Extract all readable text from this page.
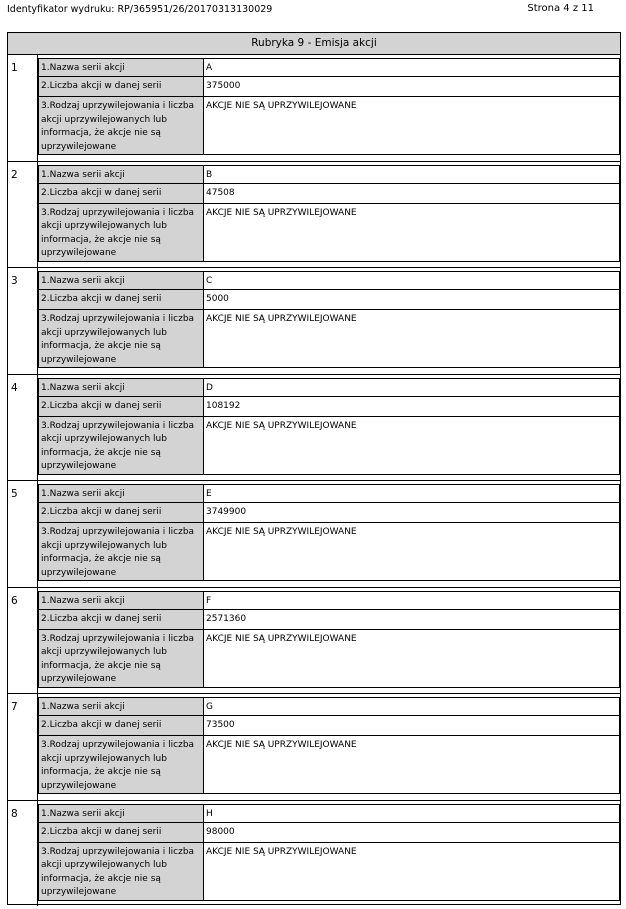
Identyfikator wydruku: RP/365951/26/20170313130029	Strona 4 z 11
Rubryka 9 - Emisja akcji
1	1.Nazwa serii akcji	A
2.Liczba akcji w danej serii	375000
3.Rodzaj uprzywilejowania i liczba akcji uprzywilejowanych lub informacja, że akcje nie są uprzywilejowane
AKCJE NIE SĄ UPRZYWILEJOWANE
2	1.Nazwa serii akcji	B
2.Liczba akcji w danej serii	47508
3.Rodzaj uprzywilejowania i liczba akcji uprzywilejowanych lub informacja, że akcje nie są uprzywilejowane
AKCJE NIE SĄ UPRZYWILEJOWANE
3	1.Nazwa serii akcji	C
2.Liczba akcji w danej serii	5000
3.Rodzaj uprzywilejowania i liczba akcji uprzywilejowanych lub informacja, że akcje nie są uprzywilejowane
AKCJE NIE SĄ UPRZYWILEJOWANE
4	1.Nazwa serii akcji	D
2.Liczba akcji w danej serii	108192
3.Rodzaj uprzywilejowania i liczba akcji uprzywilejowanych lub informacja, że akcje nie są uprzywilejowane
AKCJE NIE SĄ UPRZYWILEJOWANE
5	1.Nazwa serii akcji	E
2.Liczba akcji w danej serii	3749900
3.Rodzaj uprzywilejowania i liczba akcji uprzywilejowanych lub informacja, że akcje nie są uprzywilejowane
AKCJE NIE SĄ UPRZYWILEJOWANE
6	1.Nazwa serii akcji	F
2.Liczba akcji w danej serii	2571360
3.Rodzaj uprzywilejowania i liczba akcji uprzywilejowanych lub informacja, że akcje nie są uprzywilejowane
AKCJE NIE SĄ UPRZYWILEJOWANE
7	1.Nazwa serii akcji	G
2.Liczba akcji w danej serii	73500
3.Rodzaj uprzywilejowania i liczba akcji uprzywilejowanych lub informacja, że akcje nie są uprzywilejowane
AKCJE NIE SĄ UPRZYWILEJOWANE
8	1.Nazwa serii akcji	H
2.Liczba akcji w danej serii	98000
3.Rodzaj uprzywilejowania i liczba akcji uprzywilejowanych lub informacja, że akcje nie są uprzywilejowane
AKCJE NIE SĄ UPRZYWILEJOWANE
